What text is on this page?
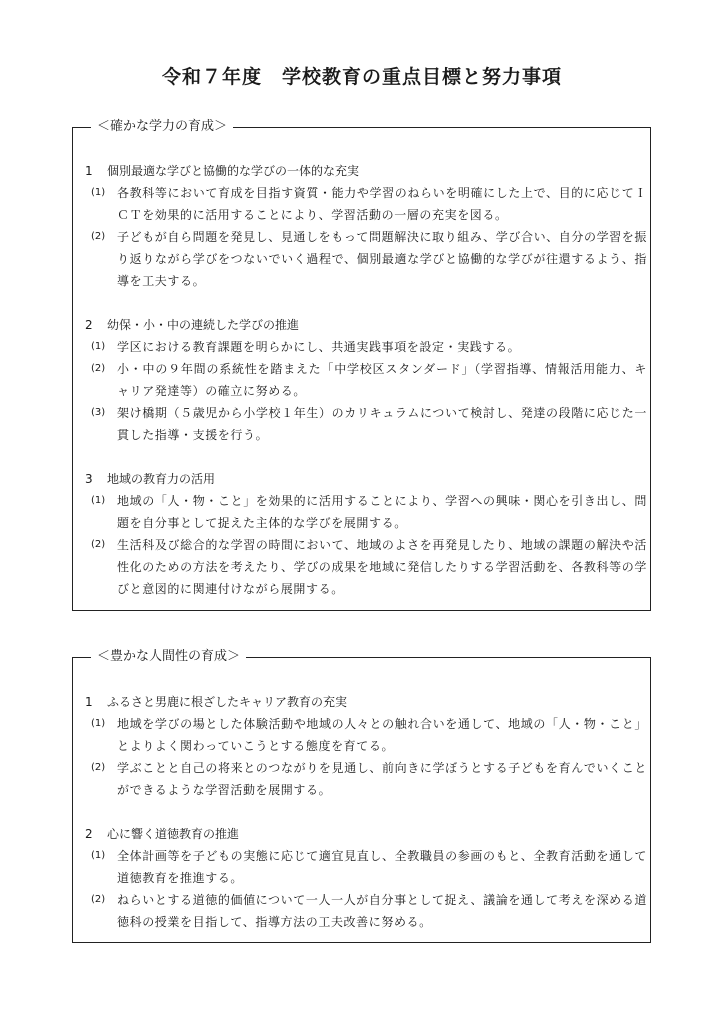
令和７年度　学校教育の重点目標と努力事項
＜確かな学力の育成＞
1 個別最適な学びと協働的な学びの一体的な充実
(1) 各教科等において育成を目指す資質・能力や学習のねらいを明確にした上で、目的に応じてＩＣＴを効果的に活用することにより、学習活動の一層の充実を図る。
(2) 子どもが自ら問題を発見し、見通しをもって問題解決に取り組み、学び合い、自分の学習を振り返りながら学びをつないでいく過程で、個別最適な学びと協働的な学びが往還するよう、指導を工夫する。
2 幼保・小・中の連続した学びの推進
(1) 学区における教育課題を明らかにし、共通実践事項を設定・実践する。
(2) 小・中の９年間の系統性を踏まえた「中学校区スタンダード」（学習指導、情報活用能力、キャリア発達等）の確立に努める。
(3) 架け橋期（５歳児から小学校１年生）のカリキュラムについて検討し、発達の段階に応じた一貫した指導・支援を行う。
3 地域の教育力の活用
(1) 地域の「人・物・こと」を効果的に活用することにより、学習への興味・関心を引き出し、問題を自分事として捉えた主体的な学びを展開する。
(2) 生活科及び総合的な学習の時間において、地域のよさを再発見したり、地域の課題の解決や活性化のための方法を考えたり、学びの成果を地域に発信したりする学習活動を、各教科等の学びと意図的に関連付けながら展開する。
＜豊かな人間性の育成＞
1 ふるさと男鹿に根ざしたキャリア教育の充実
(1) 地域を学びの場とした体験活動や地域の人々との触れ合いを通して、地域の「人・物・こと」とよりよく関わっていこうとする態度を育てる。
(2) 学ぶことと自己の将来とのつながりを見通し、前向きに学ぼうとする子どもを育んでいくことができるような学習活動を展開する。
2 心に響く道徳教育の推進
(1) 全体計画等を子どもの実態に応じて適宜見直し、全教職員の参画のもと、全教育活動を通して道徳教育を推進する。
(2) ねらいとする道徳的価値について一人一人が自分事として捉え、議論を通して考えを深める道徳科の授業を目指して、指導方法の工夫改善に努める。
